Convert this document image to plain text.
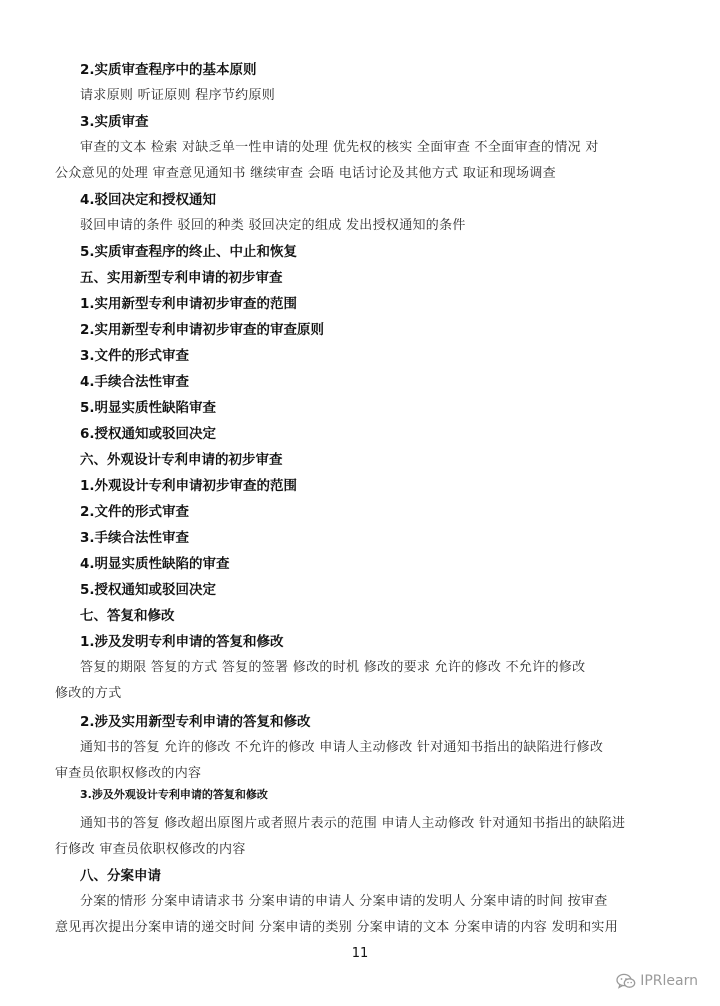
2.实质审查程序中的基本原则
请求原则 听证原则 程序节约原则
3.实质审查
审查的文本 检索 对缺乏单一性申请的处理 优先权的核实 全面审查 不全面审查的情况 对
公众意见的处理 审查意见通知书 继续审查 会晤 电话讨论及其他方式 取证和现场调查
4.驳回决定和授权通知
驳回申请的条件 驳回的种类 驳回决定的组成 发出授权通知的条件
5.实质审查程序的终止、中止和恢复
五、实用新型专利申请的初步审查
1.实用新型专利申请初步审查的范围
2.实用新型专利申请初步审查的审查原则
3.文件的形式审查
4.手续合法性审查
5.明显实质性缺陷审查
6.授权通知或驳回决定
六、外观设计专利申请的初步审查
1.外观设计专利申请初步审查的范围
2.文件的形式审查
3.手续合法性审查
4.明显实质性缺陷的审查
5.授权通知或驳回决定
七、答复和修改
1.涉及发明专利申请的答复和修改
答复的期限 答复的方式 答复的签署 修改的时机 修改的要求 允许的修改 不允许的修改
修改的方式
2.涉及实用新型专利申请的答复和修改
通知书的答复 允许的修改 不允许的修改 申请人主动修改 针对通知书指出的缺陷进行修改
审查员依职权修改的内容
3.涉及外观设计专利申请的答复和修改
通知书的答复 修改超出原图片或者照片表示的范围 申请人主动修改 针对通知书指出的缺陷进
行修改 审查员依职权修改的内容
八、分案申请
分案的情形 分案申请请求书 分案申请的申请人 分案申请的发明人 分案申请的时间 按审查
意见再次提出分案申请的递交时间 分案申请的类别 分案申请的文本 分案申请的内容 发明和实用
11
IPRlearn
